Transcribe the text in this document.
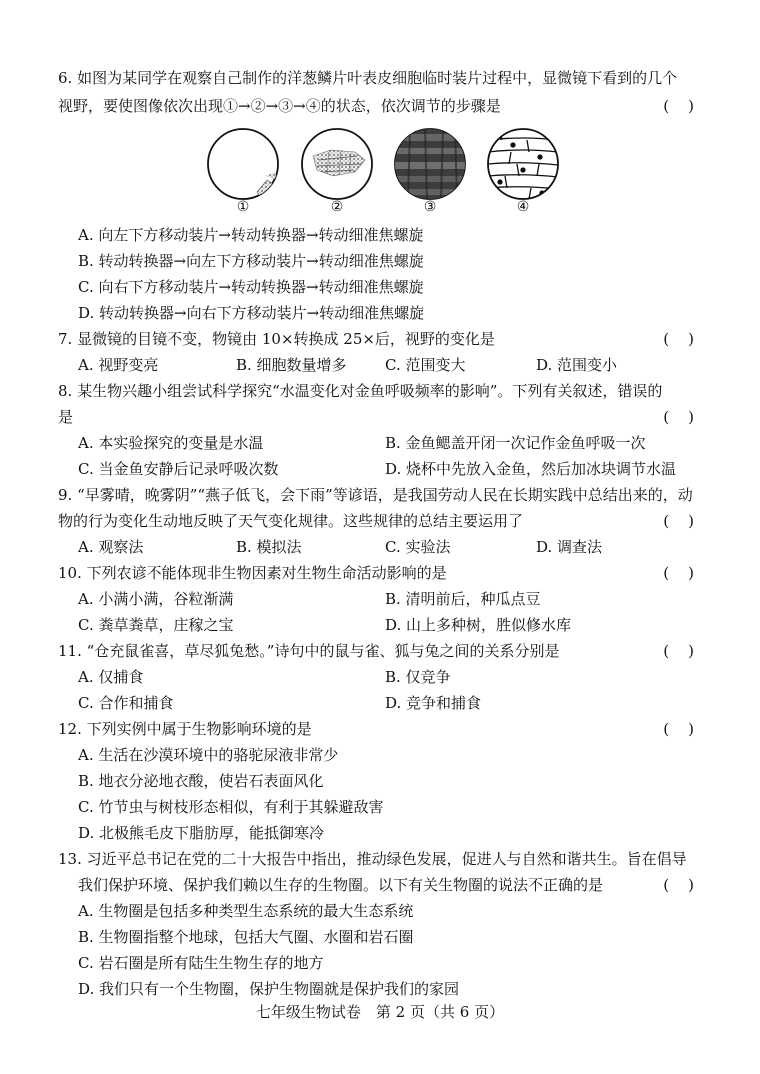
6. 如图为某同学在观察自己制作的洋葱鳞片叶表皮细胞临时装片过程中，显微镜下看到的几个
视野，要使图像依次出现①→②→③→④的状态，依次调节的步骤是	(    )
①	②	③	④
A. 向左下方移动装片→转动转换器→转动细准焦螺旋
B. 转动转换器→向左下方移动装片→转动细准焦螺旋
C. 向右下方移动装片→转动转换器→转动细准焦螺旋
D. 转动转换器→向右下方移动装片→转动细准焦螺旋
7. 显微镜的目镜不变，物镜由 10×转换成 25×后，视野的变化是	(    )
A. 视野变亮	B. 细胞数量增多	C. 范围变大	D. 范围变小
8. 某生物兴趣小组尝试科学探究“水温变化对金鱼呼吸频率的影响”。下列有关叙述，错误的
是	(    )
A. 本实验探究的变量是水温	B. 金鱼鳃盖开闭一次记作金鱼呼吸一次
C. 当金鱼安静后记录呼吸次数	D. 烧杯中先放入金鱼，然后加冰块调节水温
9. “早雾晴，晚雾阴”“燕子低飞，会下雨”等谚语，是我国劳动人民在长期实践中总结出来的，动
物的行为变化生动地反映了天气变化规律。这些规律的总结主要运用了	(    )
A. 观察法	B. 模拟法	C. 实验法	D. 调查法
10. 下列农谚不能体现非生物因素对生物生命活动影响的是	(    )
A. 小满小满，谷粒渐满	B. 清明前后，种瓜点豆
C. 粪草粪草，庄稼之宝	D. 山上多种树，胜似修水库
11. “仓充鼠雀喜，草尽狐兔愁。”诗句中的鼠与雀、狐与兔之间的关系分别是	(    )
A. 仅捕食	B. 仅竞争
C. 合作和捕食	D. 竞争和捕食
12. 下列实例中属于生物影响环境的是	(    )
A. 生活在沙漠环境中的骆驼尿液非常少
B. 地衣分泌地衣酸，使岩石表面风化
C. 竹节虫与树枝形态相似，有利于其躲避敌害
D. 北极熊毛皮下脂肪厚，能抵御寒冷
13. 习近平总书记在党的二十大报告中指出，推动绿色发展，促进人与自然和谐共生。旨在倡导
我们保护环境、保护我们赖以生存的生物圈。以下有关生物圈的说法不正确的是	(    )
A. 生物圈是包括多种类型生态系统的最大生态系统
B. 生物圈指整个地球，包括大气圈、水圈和岩石圈
C. 岩石圈是所有陆生生物生存的地方
D. 我们只有一个生物圈，保护生物圈就是保护我们的家园
七年级生物试卷　第 2 页（共 6 页）
